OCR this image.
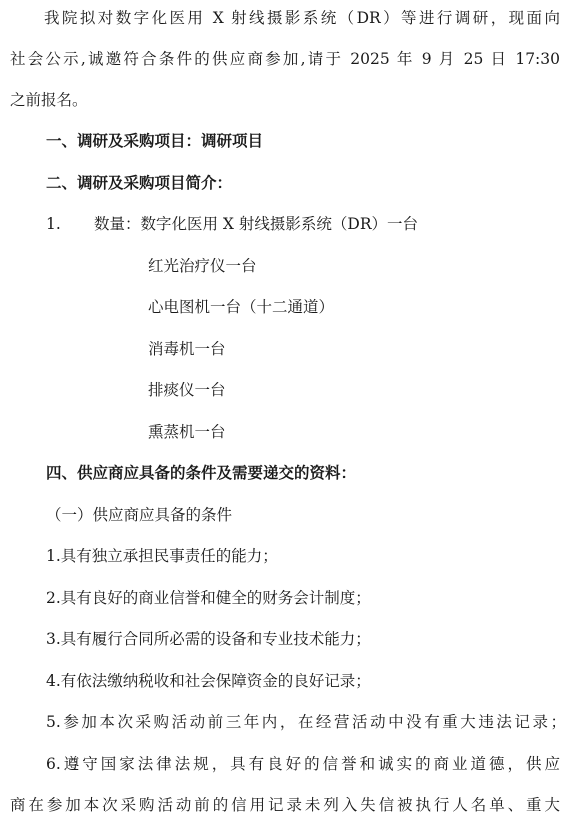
我院拟对数字化医用 X 射线摄影系统（DR）等进行调研，现面向
社会公示,诚邀符合条件的供应商参加,请于 2025 年 9 月 25 日 17:30
之前报名。
一、调研及采购项目：调研项目
二、调研及采购项目简介：
1. 数量：数字化医用 X 射线摄影系统（DR）一台
红光治疗仪一台
心电图机一台（十二通道）
消毒机一台
排痰仪一台
熏蒸机一台
四、供应商应具备的条件及需要递交的资料：
（一）供应商应具备的条件
1.具有独立承担民事责任的能力；
2.具有良好的商业信誉和健全的财务会计制度；
3.具有履行合同所必需的设备和专业技术能力；
4.有依法缴纳税收和社会保障资金的良好记录；
5.参加本次采购活动前三年内，在经营活动中没有重大违法记录；
6.遵守国家法律法规，具有良好的信誉和诚实的商业道德，供应
商在参加本次采购活动前的信用记录未列入失信被执行人名单、重大
